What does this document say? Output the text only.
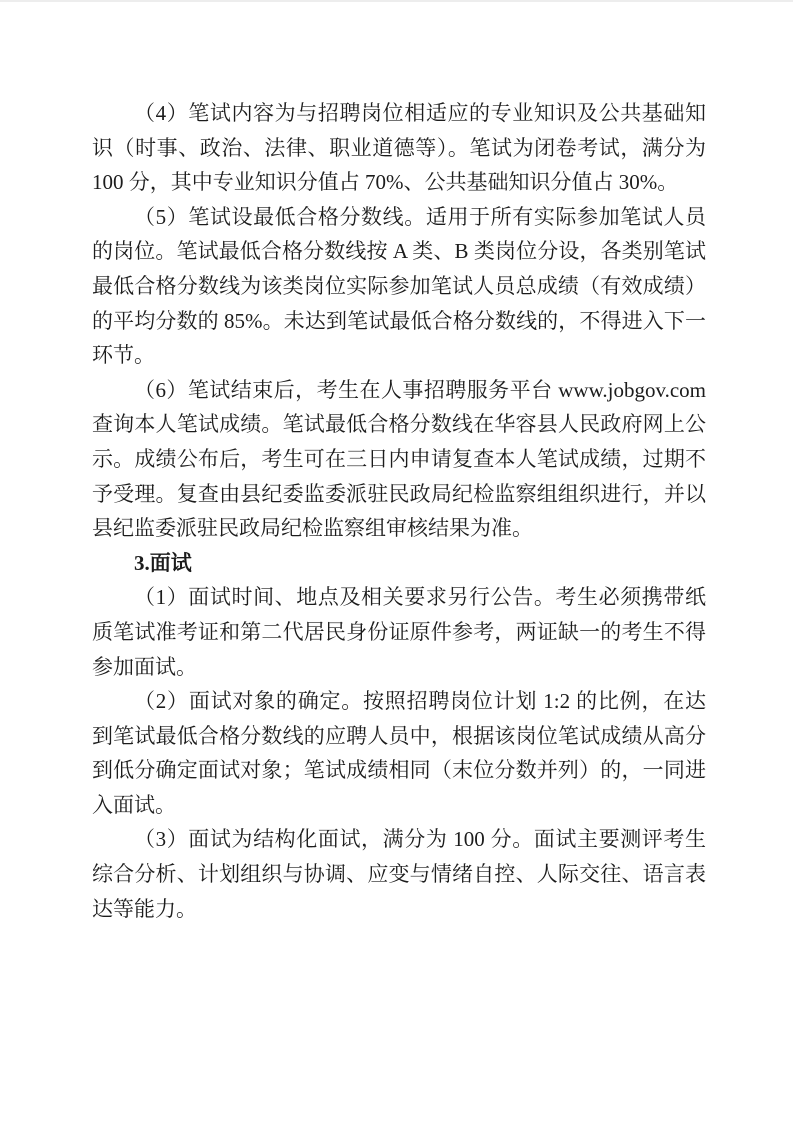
（4）笔试内容为与招聘岗位相适应的专业知识及公共基础知识（时事、政治、法律、职业道德等）。笔试为闭卷考试，满分为 100 分，其中专业知识分值占 70%、公共基础知识分值占 30%。

（5）笔试设最低合格分数线。适用于所有实际参加笔试人员的岗位。笔试最低合格分数线按 A 类、B 类岗位分设，各类别笔试最低合格分数线为该类岗位实际参加笔试人员总成绩（有效成绩）的平均分数的 85%。未达到笔试最低合格分数线的，不得进入下一环节。

（6）笔试结束后，考生在人事招聘服务平台 www.jobgov.com 查询本人笔试成绩。笔试最低合格分数线在华容县人民政府网上公示。成绩公布后，考生可在三日内申请复查本人笔试成绩，过期不予受理。复查由县纪委监委派驻民政局纪检监察组组织进行，并以县纪监委派驻民政局纪检监察组审核结果为准。

3.面试

（1）面试时间、地点及相关要求另行公告。考生必须携带纸质笔试准考证和第二代居民身份证原件参考，两证缺一的考生不得参加面试。

（2）面试对象的确定。按照招聘岗位计划 1:2 的比例，在达到笔试最低合格分数线的应聘人员中，根据该岗位笔试成绩从高分到低分确定面试对象；笔试成绩相同（末位分数并列）的，一同进入面试。

（3）面试为结构化面试，满分为 100 分。面试主要测评考生综合分析、计划组织与协调、应变与情绪自控、人际交往、语言表达等能力。
